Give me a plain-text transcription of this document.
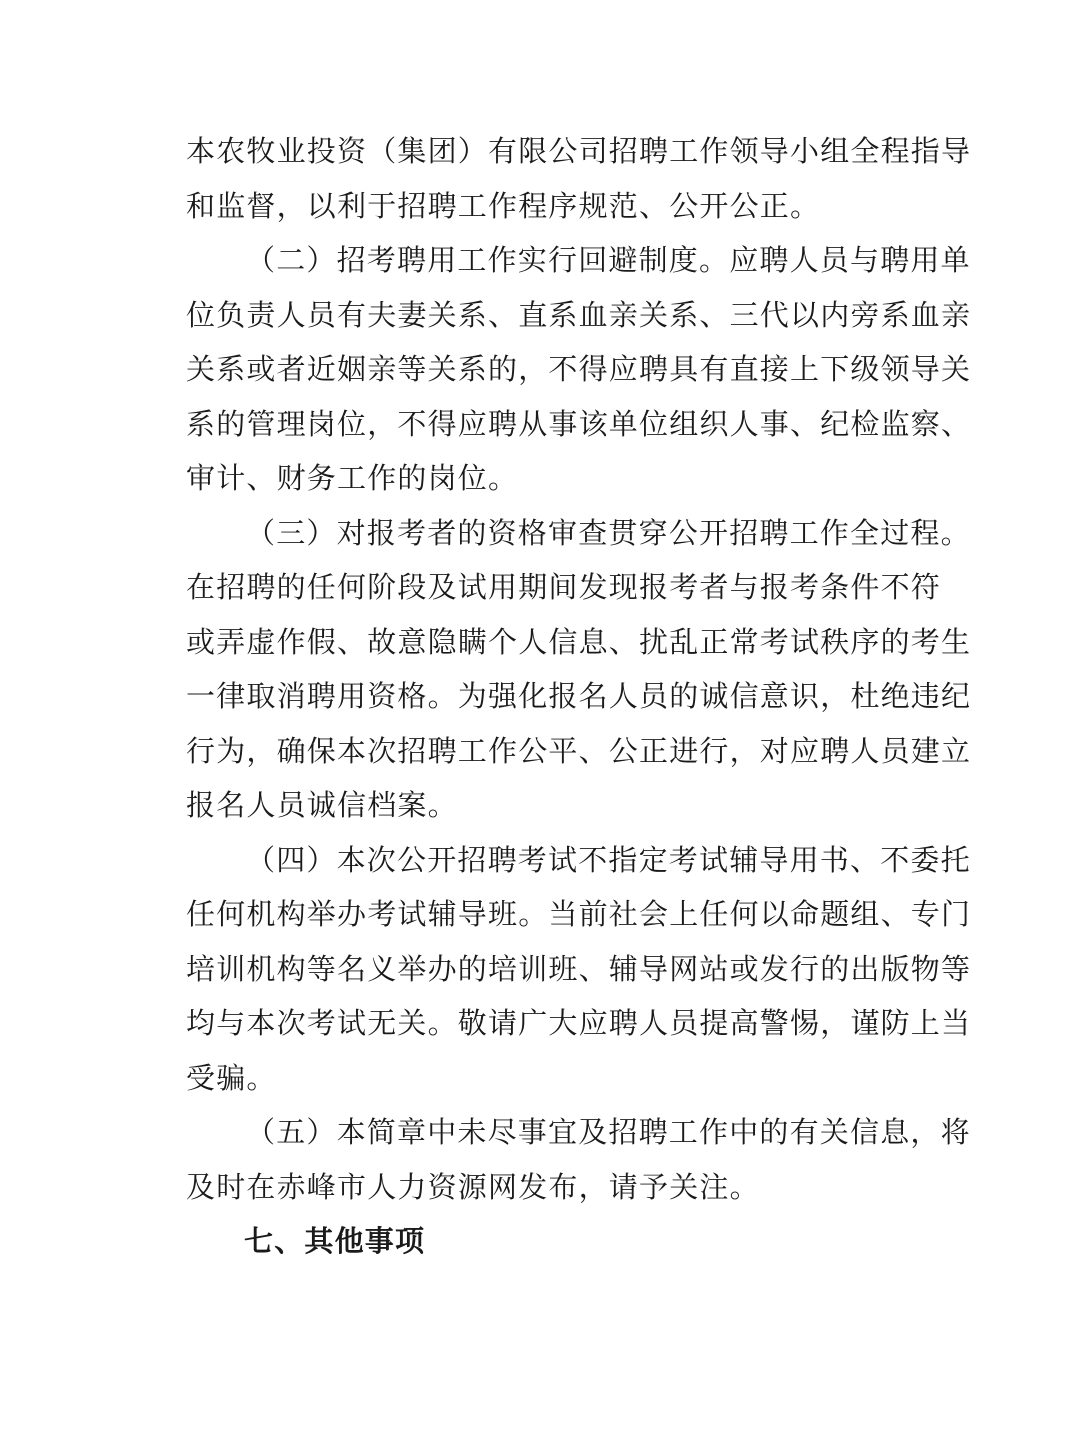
本农牧业投资（集团）有限公司招聘工作领导小组全程指导
和监督，以利于招聘工作程序规范、公开公正。

（二）招考聘用工作实行回避制度。应聘人员与聘用单
位负责人员有夫妻关系、直系血亲关系、三代以内旁系血亲
关系或者近姻亲等关系的，不得应聘具有直接上下级领导关
系的管理岗位，不得应聘从事该单位组织人事、纪检监察、
审计、财务工作的岗位。

（三）对报考者的资格审查贯穿公开招聘工作全过程。
在招聘的任何阶段及试用期间发现报考者与报考条件不符
或弄虚作假、故意隐瞒个人信息、扰乱正常考试秩序的考生
一律取消聘用资格。为强化报名人员的诚信意识，杜绝违纪
行为，确保本次招聘工作公平、公正进行，对应聘人员建立
报名人员诚信档案。

（四）本次公开招聘考试不指定考试辅导用书、不委托
任何机构举办考试辅导班。当前社会上任何以命题组、专门
培训机构等名义举办的培训班、辅导网站或发行的出版物等
均与本次考试无关。敬请广大应聘人员提高警惕，谨防上当
受骗。

（五）本简章中未尽事宜及招聘工作中的有关信息，将
及时在赤峰市人力资源网发布，请予关注。

七、其他事项
